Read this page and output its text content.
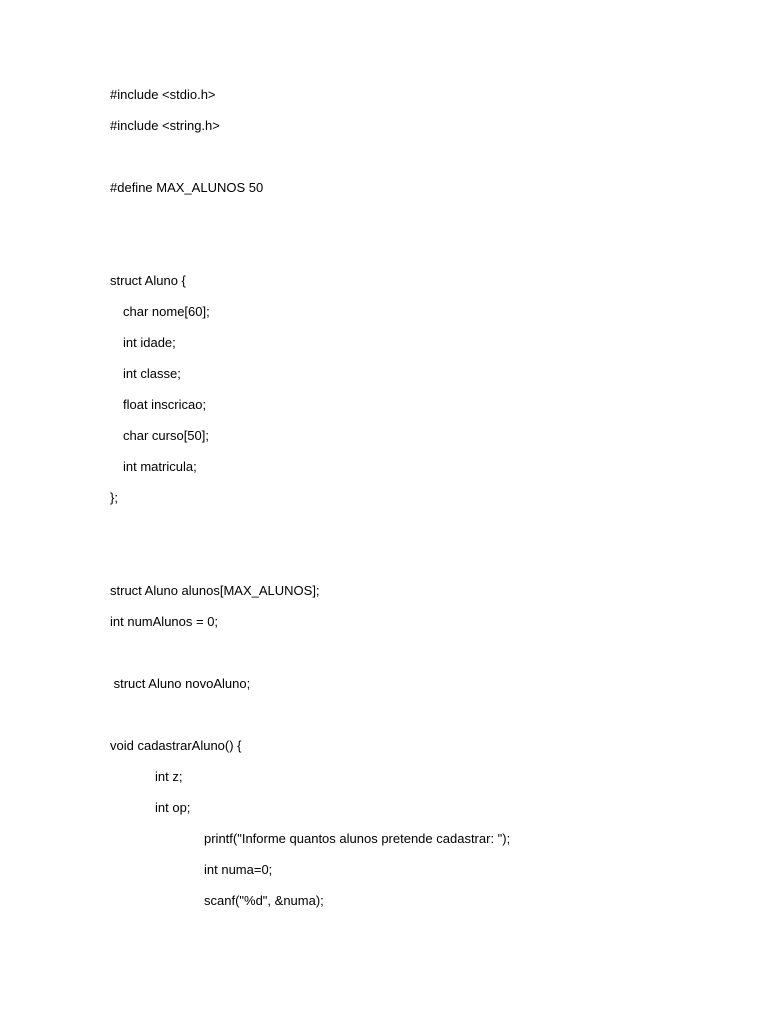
#include <stdio.h>
#include <string.h>
#define MAX_ALUNOS 50
struct Aluno {
char nome[60];
int idade;
int classe;
float inscricao;
char curso[50];
int matricula;
};
struct Aluno alunos[MAX_ALUNOS];
int numAlunos = 0;
struct Aluno novoAluno;
void cadastrarAluno() {
int z;
int op;
printf("Informe quantos alunos pretende cadastrar: ");
int numa=0;
scanf("%d", &numa);
